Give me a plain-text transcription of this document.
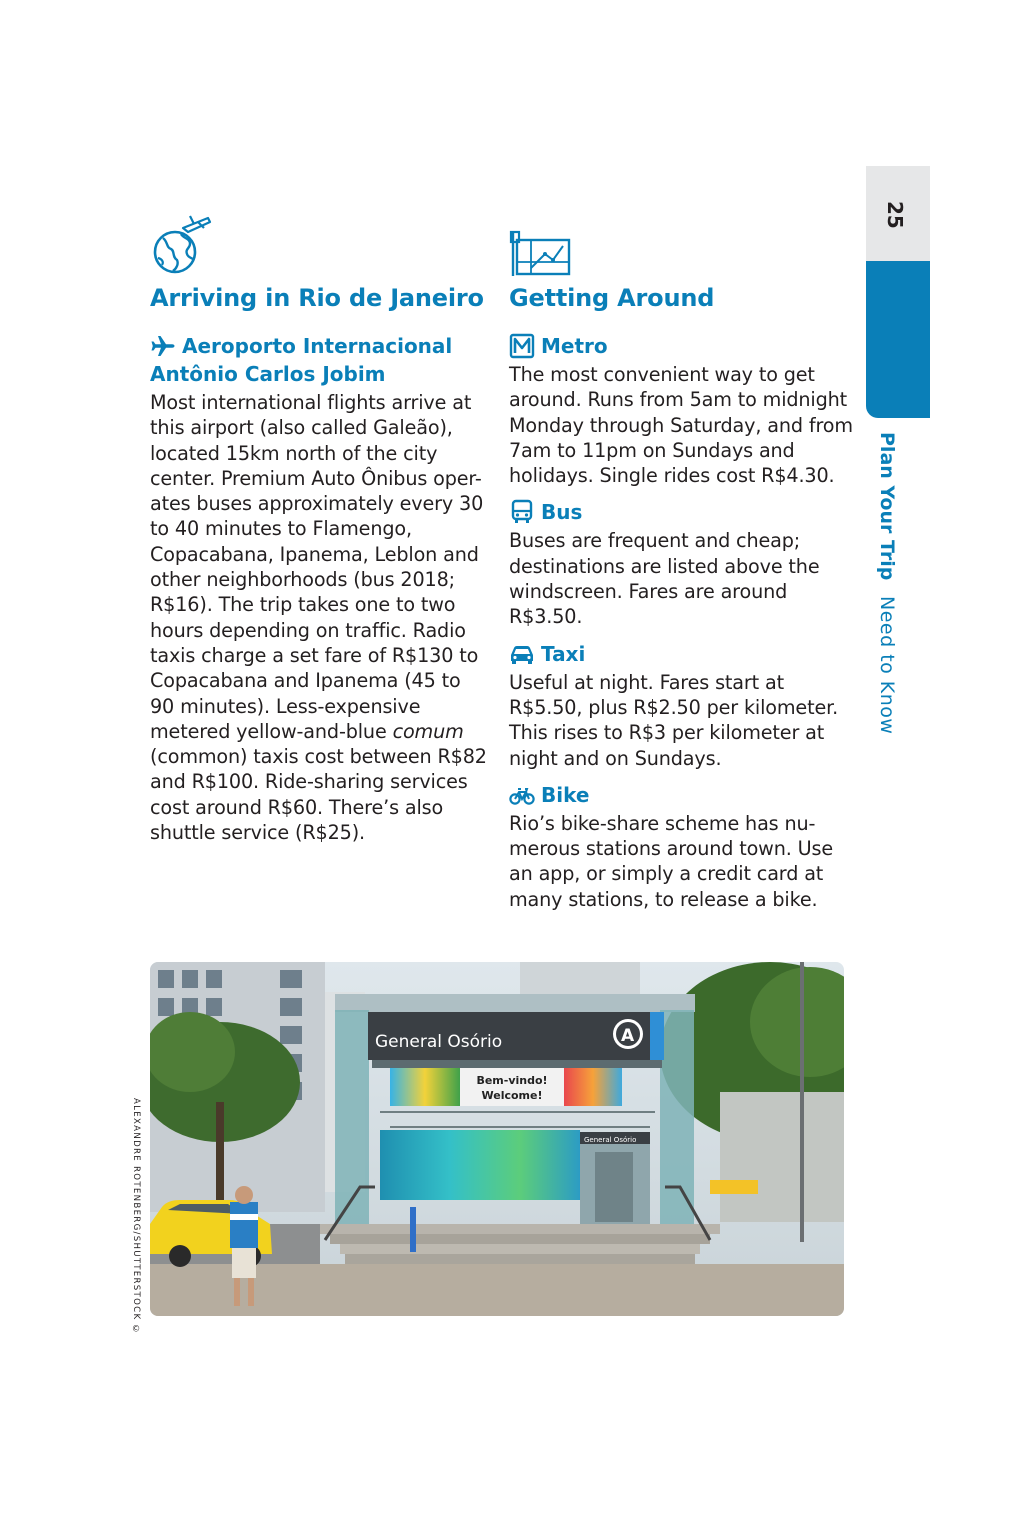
25
Plan Your Trip Need to Know
Arriving in Rio de Janeiro
Aeroporto Internacional
Antônio Carlos Jobim

Most international flights arrive at this airport (also called Galeão), located 15km north of the city center. Premium Auto Ônibus oper-ates buses approximately every 30 to 40 minutes to Flamengo, Copacabana, Ipanema, Leblon and other neighborhoods (bus 2018; R$16). The trip takes one to two hours depending on traffic. Radio taxis charge a set fare of R$130 to Copacabana and Ipanema (45 to 90 minutes). Less-expensive metered yellow-and-blue comum (common) taxis cost between R$82 and R$100. Ride-sharing services cost around R$60. There’s also shuttle service (R$25).

Getting Around
Metro

The most convenient way to get around. Runs from 5am to midnight Monday through Saturday, and from 7am to 11pm on Sundays and holidays. Single rides cost R$4.30.

Bus

Buses are frequent and cheap; destinations are listed above the windscreen. Fares are around R$3.50.

Taxi

Useful at night. Fares start at R$5.50, plus R$2.50 per kilometer. This rises to R$3 per kilometer at night and on Sundays.

Bike

Rio’s bike-share scheme has nu-merous stations around town. Use an app, or simply a credit card at many stations, to release a bike.

General Osório	A
Bem-vindo!
Welcome!
General Osório
ALEXANDRE ROTENBERG/SHUTTERSTOCK ©
